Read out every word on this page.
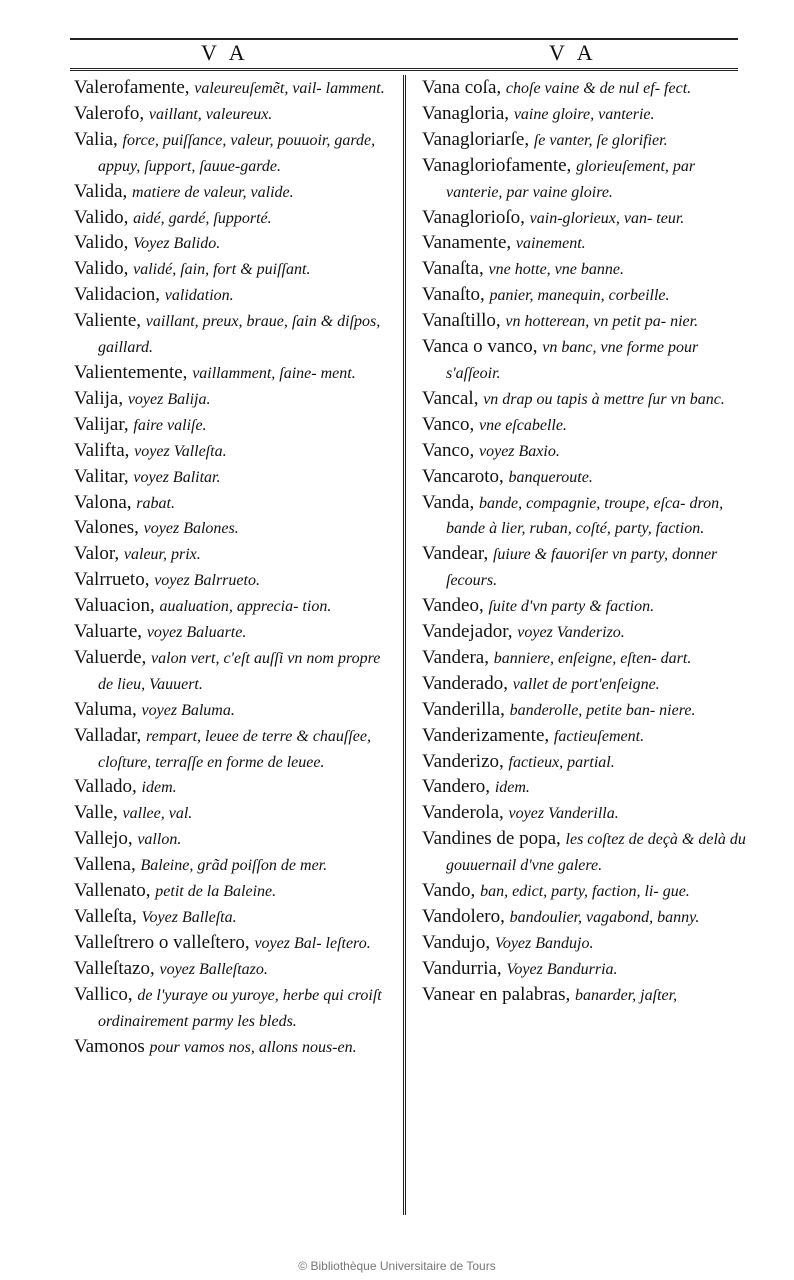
V A	V A

Valerofamente, valeureuſemẽt, vail- lamment.

Valerofo, vaillant, valeureux.

Valia, force, puiſſance, valeur, pouuoir, garde, appuy, ſupport, ſauue-garde.

Valida, matiere de valeur, valide.

Valido, aidé, gardé, ſupporté.

Valido, Voyez Balido.

Valido, validé, ſain, fort & puiſſant.

Validacion, validation.

Valiente, vaillant, preux, braue, ſain & diſpos, gaillard.

Valientemente, vaillamment, ſaine- ment.

Valija, voyez Balija.

Valijar, faire valiſe.

Valifta, voyez Valleſta.

Valitar, voyez Balitar.

Valona, rabat.

Valones, voyez Balones.

Valor, valeur, prix.

Valrrueto, voyez Balrrueto.

Valuacion, aualuation, apprecia- tion.

Valuarte, voyez Baluarte.

Valuerde, valon vert, c'eſt auſſi vn nom propre de lieu, Vauuert.

Valuma, voyez Baluma.

Valladar, rempart, leuee de terre & chauſſee, cloſture, terraſſe en forme de leuee.

Vallado, idem.

Valle, vallee, val.

Vallejo, vallon.

Vallena, Baleine, grãd poiſſon de mer.

Vallenato, petit de la Baleine.

Valleſta, Voyez Balleſta.

Valleſtrero o valleſtero, voyez Bal- leſtero.

Valleſtazo, voyez Balleſtazo.

Vallico, de l'yuraye ou yuroye, herbe qui croiſt ordinairement parmy les bleds.

Vamonos pour vamos nos, allons nous-en.

Vana coſa, choſe vaine & de nul ef- fect.

Vanagloria, vaine gloire, vanterie.

Vanagloriarſe, ſe vanter, ſe glorifier.

Vanagloriofamente, glorieuſement, par vanterie, par vaine gloire.

Vanaglorioſo, vain-glorieux, van- teur.

Vanamente, vainement.

Vanaſta, vne hotte, vne banne.

Vanaſto, panier, manequin, corbeille.

Vanaſtillo, vn hotterean, vn petit pa- nier.

Vanca o vanco, vn banc, vne forme pour s'aſſeoir.

Vancal, vn drap ou tapis à mettre ſur vn banc.

Vanco, vne eſcabelle.

Vanco, voyez Baxio.

Vancaroto, banqueroute.

Vanda, bande, compagnie, troupe, eſca- dron, bande à lier, ruban, coſté, party, faction.

Vandear, ſuiure & fauoriſer vn party, donner ſecours.

Vandeo, ſuite d'vn party & faction.

Vandejador, voyez Vanderizo.

Vandera, banniere, enſeigne, eſten- dart.

Vanderado, vallet de port'enſeigne.

Vanderilla, banderolle, petite ban- niere.

Vanderizamente, factieuſement.

Vanderizo, factieux, partial.

Vandero, idem.

Vanderola, voyez Vanderilla.

Vandines de popa, les coſtez de deçà & delà du gouuernail d'vne galere.

Vando, ban, edict, party, faction, li- gue.

Vandolero, bandoulier, vagabond, banny.

Vandujo, Voyez Bandujo.

Vandurria, Voyez Bandurria.

Vanear en palabras, banarder, jaſter,

© Bibliothèque Universitaire de Tours
